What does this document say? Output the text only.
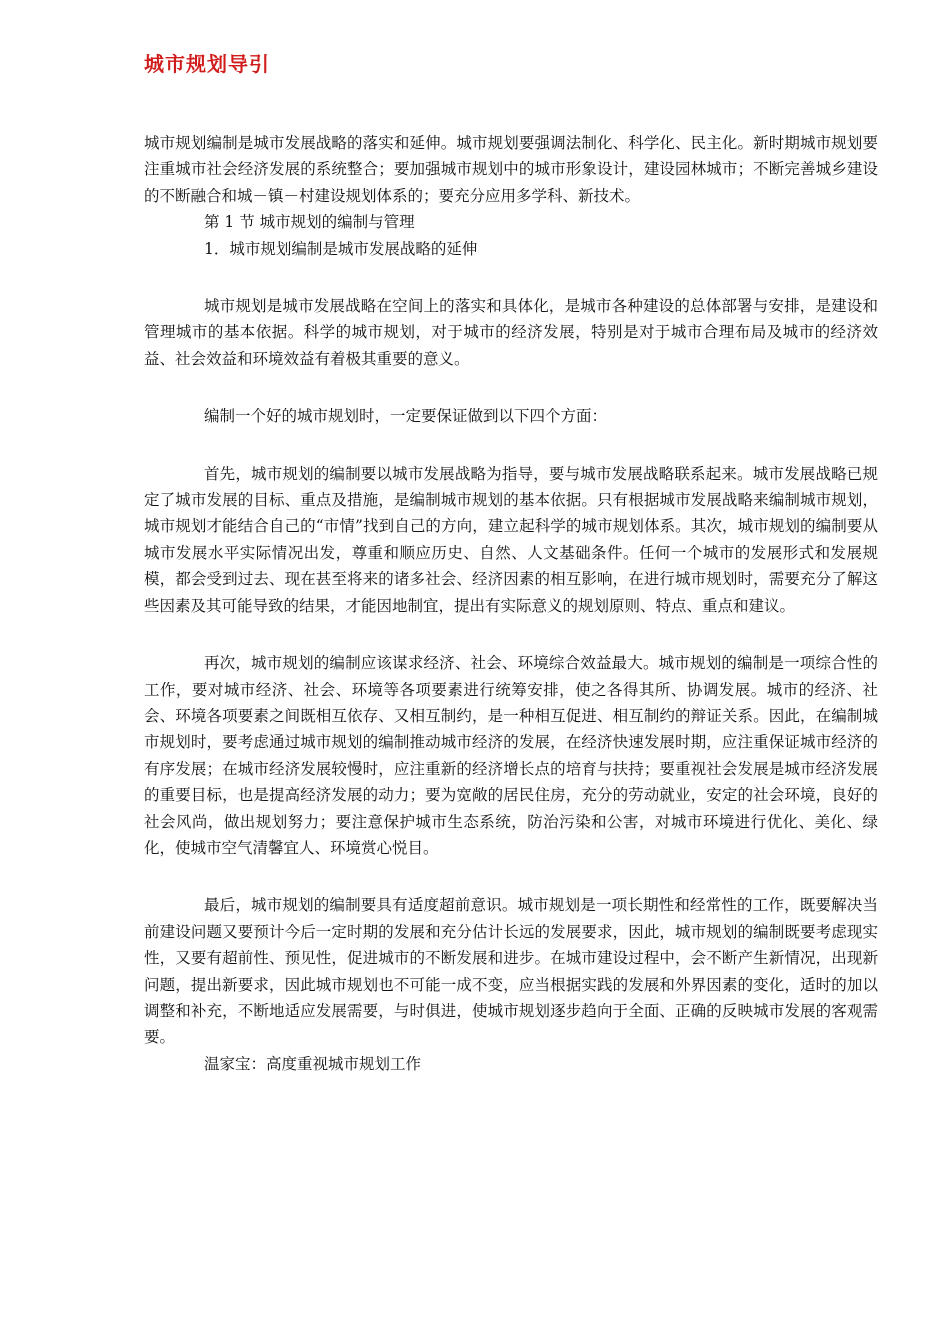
城市规划导引

城市规划编制是城市发展战略的落实和延伸。城市规划要强调法制化、科学化、民主化。新时期城市规划要注重城市社会经济发展的系统整合；要加强城市规划中的城市形象设计，建设园林城市；不断完善城乡建设的不断融合和城－镇－村建设规划体系的；要充分应用多学科、新技术。

第 1 节 城市规划的编制与管理

1．城市规划编制是城市发展战略的延伸

城市规划是城市发展战略在空间上的落实和具体化，是城市各种建设的总体部署与安排，是建设和管理城市的基本依据。科学的城市规划，对于城市的经济发展，特别是对于城市合理布局及城市的经济效益、社会效益和环境效益有着极其重要的意义。

编制一个好的城市规划时，一定要保证做到以下四个方面：

首先，城市规划的编制要以城市发展战略为指导，要与城市发展战略联系起来。城市发展战略已规定了城市发展的目标、重点及措施，是编制城市规划的基本依据。只有根据城市发展战略来编制城市规划，城市规划才能结合自己的“市情”找到自己的方向，建立起科学的城市规划体系。其次，城市规划的编制要从城市发展水平实际情况出发，尊重和顺应历史、自然、人文基础条件。任何一个城市的发展形式和发展规模，都会受到过去、现在甚至将来的诸多社会、经济因素的相互影响，在进行城市规划时，需要充分了解这些因素及其可能导致的结果，才能因地制宜，提出有实际意义的规划原则、特点、重点和建议。

再次，城市规划的编制应该谋求经济、社会、环境综合效益最大。城市规划的编制是一项综合性的工作，要对城市经济、社会、环境等各项要素进行统筹安排，使之各得其所、协调发展。城市的经济、社会、环境各项要素之间既相互依存、又相互制约，是一种相互促进、相互制约的辩证关系。因此，在编制城市规划时，要考虑通过城市规划的编制推动城市经济的发展，在经济快速发展时期，应注重保证城市经济的有序发展；在城市经济发展较慢时，应注重新的经济增长点的培育与扶持；要重视社会发展是城市经济发展的重要目标，也是提高经济发展的动力；要为宽敞的居民住房，充分的劳动就业，安定的社会环境，良好的社会风尚，做出规划努力；要注意保护城市生态系统，防治污染和公害，对城市环境进行优化、美化、绿化，使城市空气清馨宜人、环境赏心悦目。

最后，城市规划的编制要具有适度超前意识。城市规划是一项长期性和经常性的工作，既要解决当前建设问题又要预计今后一定时期的发展和充分估计长远的发展要求，因此，城市规划的编制既要考虑现实性，又要有超前性、预见性，促进城市的不断发展和进步。在城市建设过程中，会不断产生新情况，出现新问题，提出新要求，因此城市规划也不可能一成不变，应当根据实践的发展和外界因素的变化，适时的加以调整和补充，不断地适应发展需要，与时俱进，使城市规划逐步趋向于全面、正确的反映城市发展的客观需要。

温家宝：高度重视城市规划工作
